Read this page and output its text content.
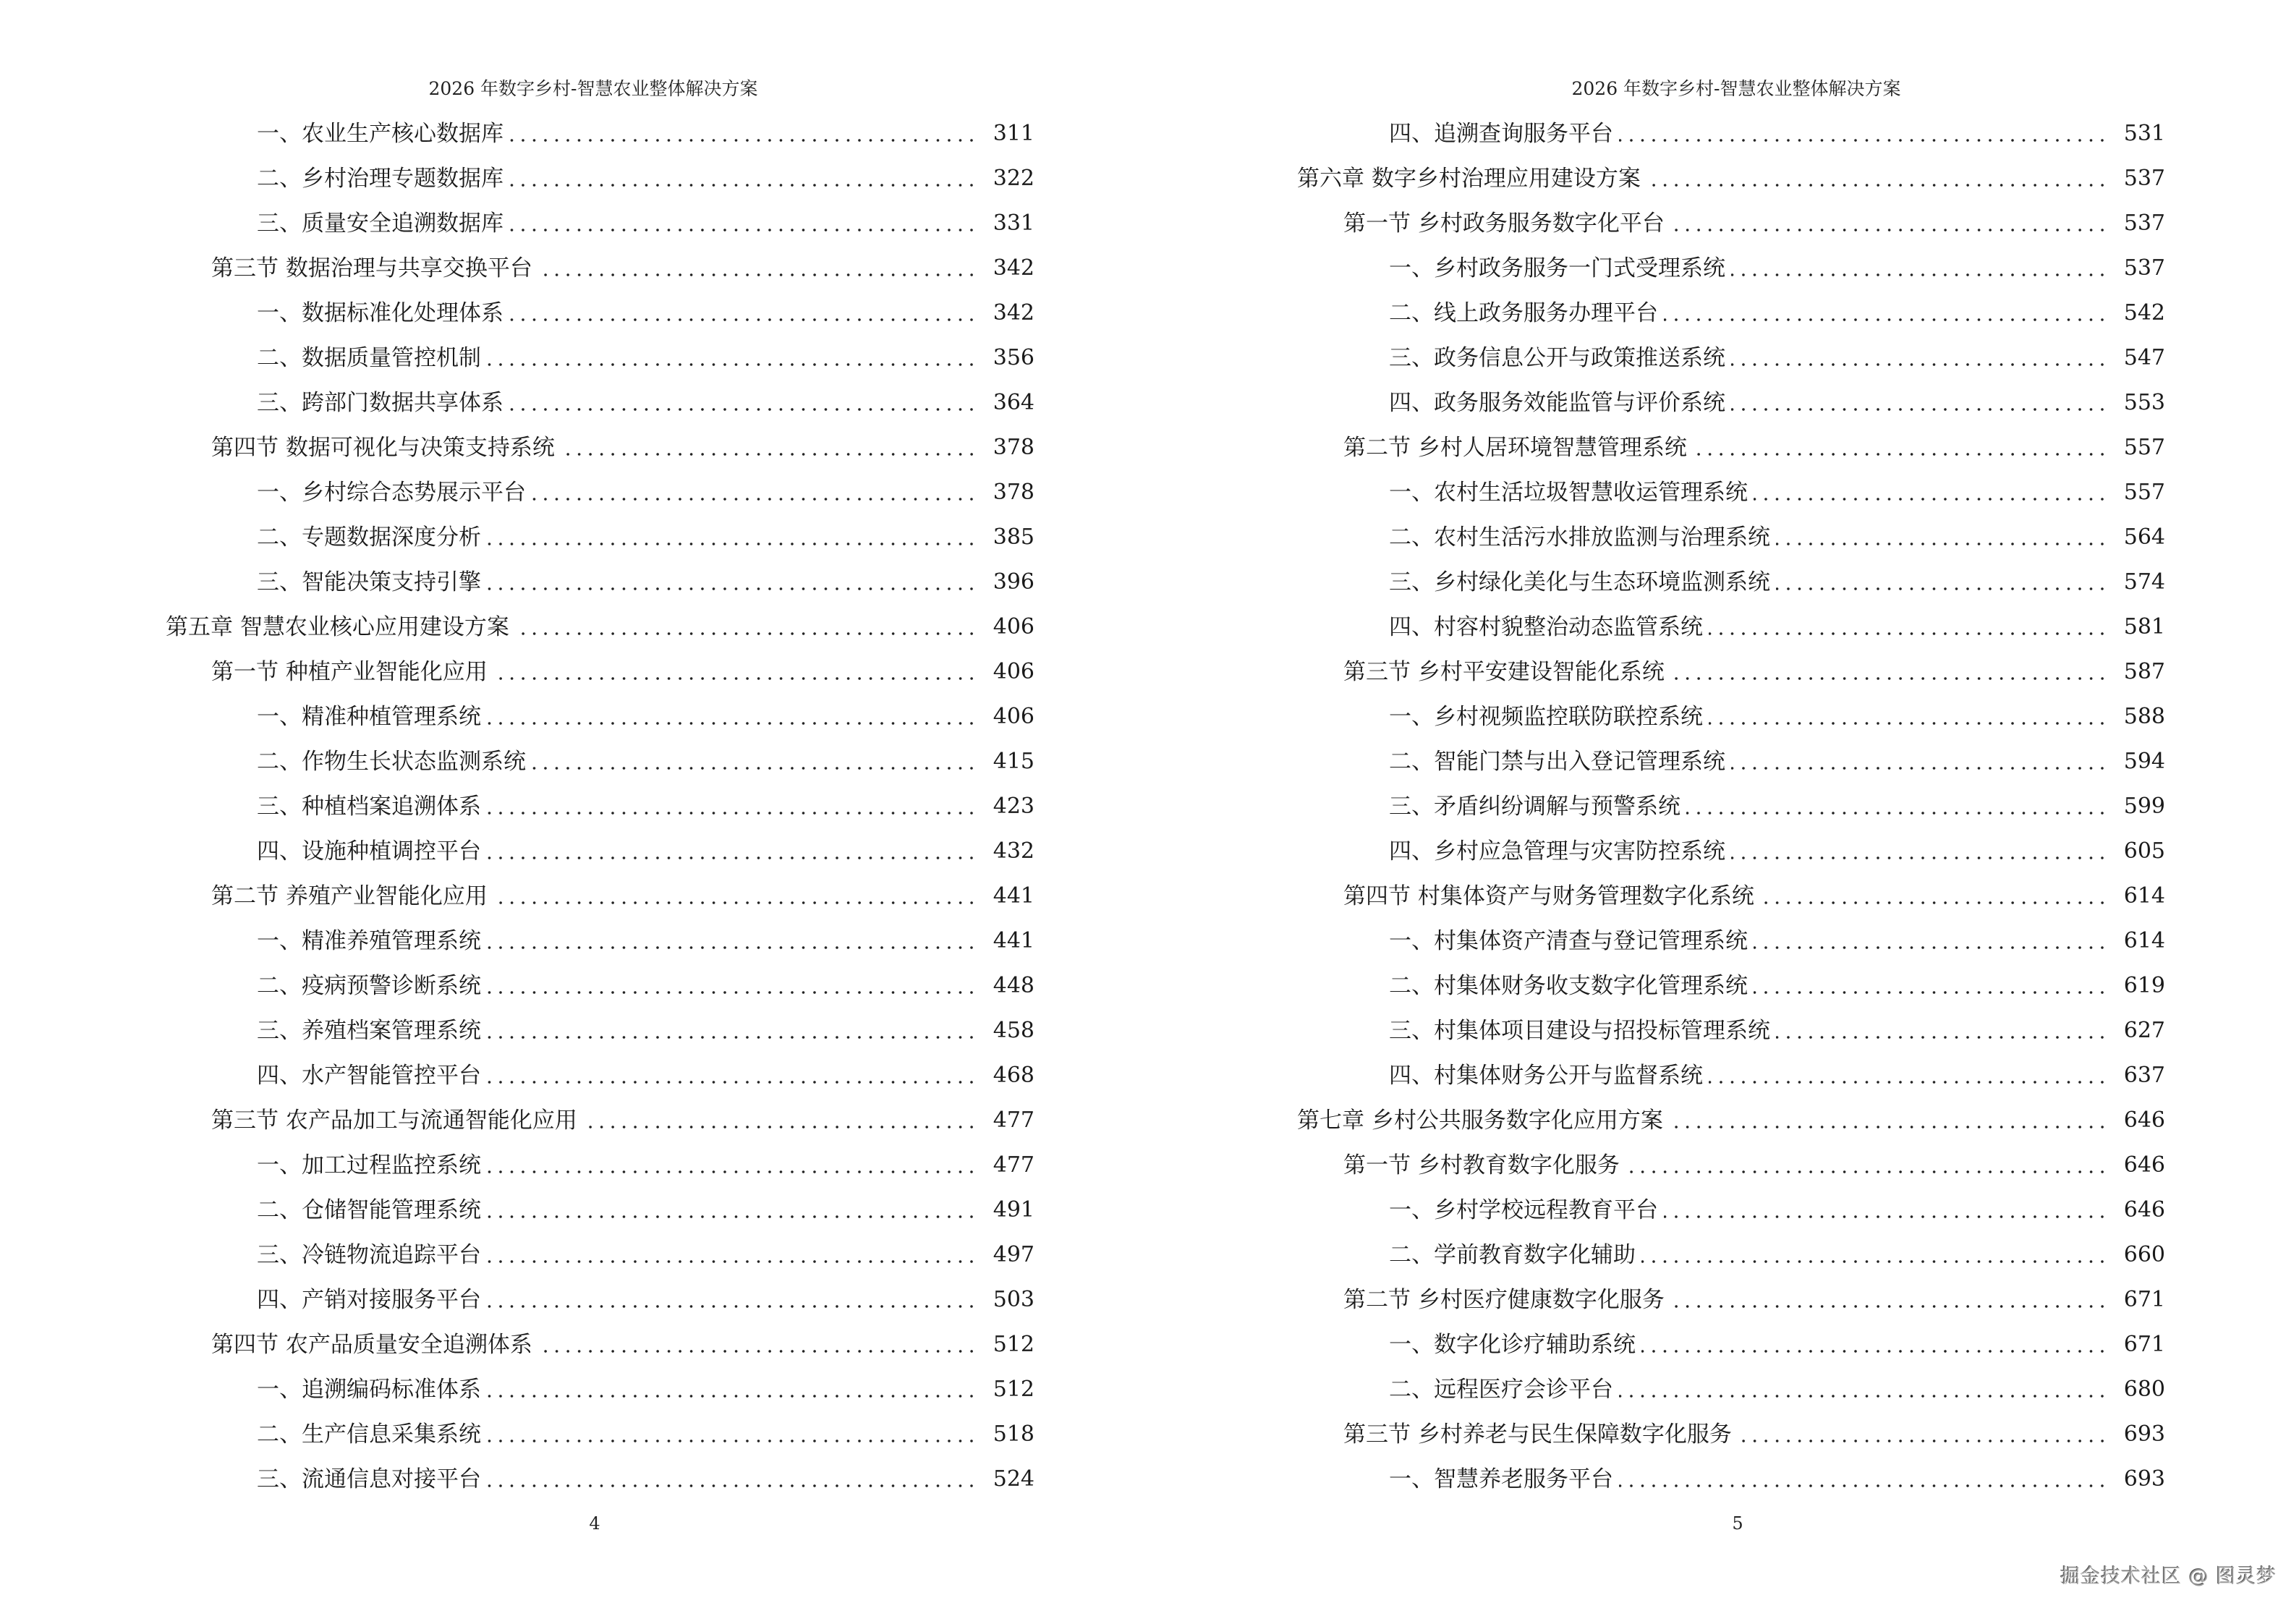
2026 年数字乡村-智慧农业整体解决方案
一、农业生产核心数据库	311
二、乡村治理专题数据库	322
三、质量安全追溯数据库	331
第三节 数据治理与共享交换平台	342
一、数据标准化处理体系	342
二、数据质量管控机制	356
三、跨部门数据共享体系	364
第四节 数据可视化与决策支持系统	378
一、乡村综合态势展示平台	378
二、专题数据深度分析	385
三、智能决策支持引擎	396
第五章 智慧农业核心应用建设方案	406
第一节 种植产业智能化应用	406
一、精准种植管理系统	406
二、作物生长状态监测系统	415
三、种植档案追溯体系	423
四、设施种植调控平台	432
第二节 养殖产业智能化应用	441
一、精准养殖管理系统	441
二、疫病预警诊断系统	448
三、养殖档案管理系统	458
四、水产智能管控平台	468
第三节 农产品加工与流通智能化应用	477
一、加工过程监控系统	477
二、仓储智能管理系统	491
三、冷链物流追踪平台	497
四、产销对接服务平台	503
第四节 农产品质量安全追溯体系	512
一、追溯编码标准体系	512
二、生产信息采集系统	518
三、流通信息对接平台	524
4
2026 年数字乡村-智慧农业整体解决方案
四、追溯查询服务平台	531
第六章 数字乡村治理应用建设方案	537
第一节 乡村政务服务数字化平台	537
一、乡村政务服务一门式受理系统	537
二、线上政务服务办理平台	542
三、政务信息公开与政策推送系统	547
四、政务服务效能监管与评价系统	553
第二节 乡村人居环境智慧管理系统	557
一、农村生活垃圾智慧收运管理系统	557
二、农村生活污水排放监测与治理系统	564
三、乡村绿化美化与生态环境监测系统	574
四、村容村貌整治动态监管系统	581
第三节 乡村平安建设智能化系统	587
一、乡村视频监控联防联控系统	588
二、智能门禁与出入登记管理系统	594
三、矛盾纠纷调解与预警系统	599
四、乡村应急管理与灾害防控系统	605
第四节 村集体资产与财务管理数字化系统	614
一、村集体资产清查与登记管理系统	614
二、村集体财务收支数字化管理系统	619
三、村集体项目建设与招投标管理系统	627
四、村集体财务公开与监督系统	637
第七章 乡村公共服务数字化应用方案	646
第一节 乡村教育数字化服务	646
一、乡村学校远程教育平台	646
二、学前教育数字化辅助	660
第二节 乡村医疗健康数字化服务	671
一、数字化诊疗辅助系统	671
二、远程医疗会诊平台	680
第三节 乡村养老与民生保障数字化服务	693
一、智慧养老服务平台	693
5
掘金技术社区 @ 图灵梦
